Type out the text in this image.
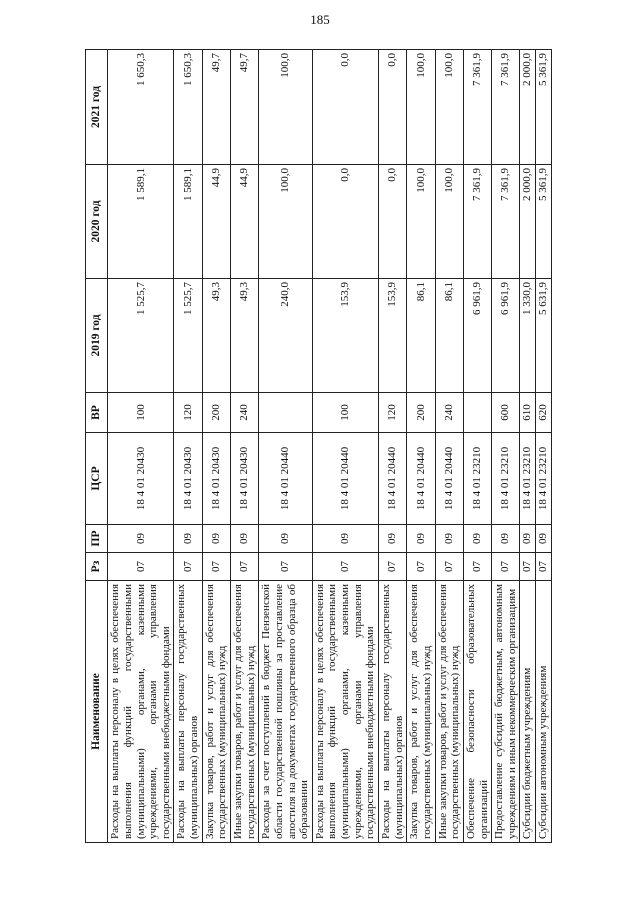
185
Наименование	Рз	ПР	ЦСР	ВР	2019 год	2020 год	2021 год
Расходы на выплаты персоналу в целях обеспечения выполнения функций государственными (муниципальными) органами, казенными учреждениями, органами управления государственными внебюджетными фондами	07	09	18 4 01 20430	100	1 525,7	1 589,1	1 650,3
Расходы на выплаты персоналу государственных (муниципальных) органов	07	09	18 4 01 20430	120	1 525,7	1 589,1	1 650,3
Закупка товаров, работ и услуг для обеспечения государственных (муниципальных) нужд	07	09	18 4 01 20430	200	49,3	44,9	49,7
Иные закупки товаров, работ и услуг для обеспечения государственных (муниципальных) нужд	07	09	18 4 01 20430	240	49,3	44,9	49,7
Расходы за счет поступлений в бюджет Пензенской области государственной пошлины за проставление апостиля на документах государственного образца об образовании	07	09	18 4 01 20440		240,0	100,0	100,0
Расходы на выплаты персоналу в целях обеспечения выполнения функций государственными (муниципальными) органами, казенными учреждениями, органами управления государственными внебюджетными фондами	07	09	18 4 01 20440	100	153,9	0,0	0,0
Расходы на выплаты персоналу государственных (муниципальных) органов	07	09	18 4 01 20440	120	153,9	0,0	0,0
Закупка товаров, работ и услуг для обеспечения государственных (муниципальных) нужд	07	09	18 4 01 20440	200	86,1	100,0	100,0
Иные закупки товаров, работ и услуг для обеспечения государственных (муниципальных) нужд	07	09	18 4 01 20440	240	86,1	100,0	100,0
Обеспечение безопасности образовательных организаций	07	09	18 4 01 23210		6 961,9	7 361,9	7 361,9
Предоставление субсидий бюджетным, автономным учреждениям и иным некоммерческим организациям	07	09	18 4 01 23210	600	6 961,9	7 361,9	7 361,9
Субсидии бюджетным учреждениям	07	09	18 4 01 23210	610	1 330,0	2 000,0	2 000,0
Субсидии автономным учреждениям	07	09	18 4 01 23210	620	5 631,9	5 361,9	5 361,9
